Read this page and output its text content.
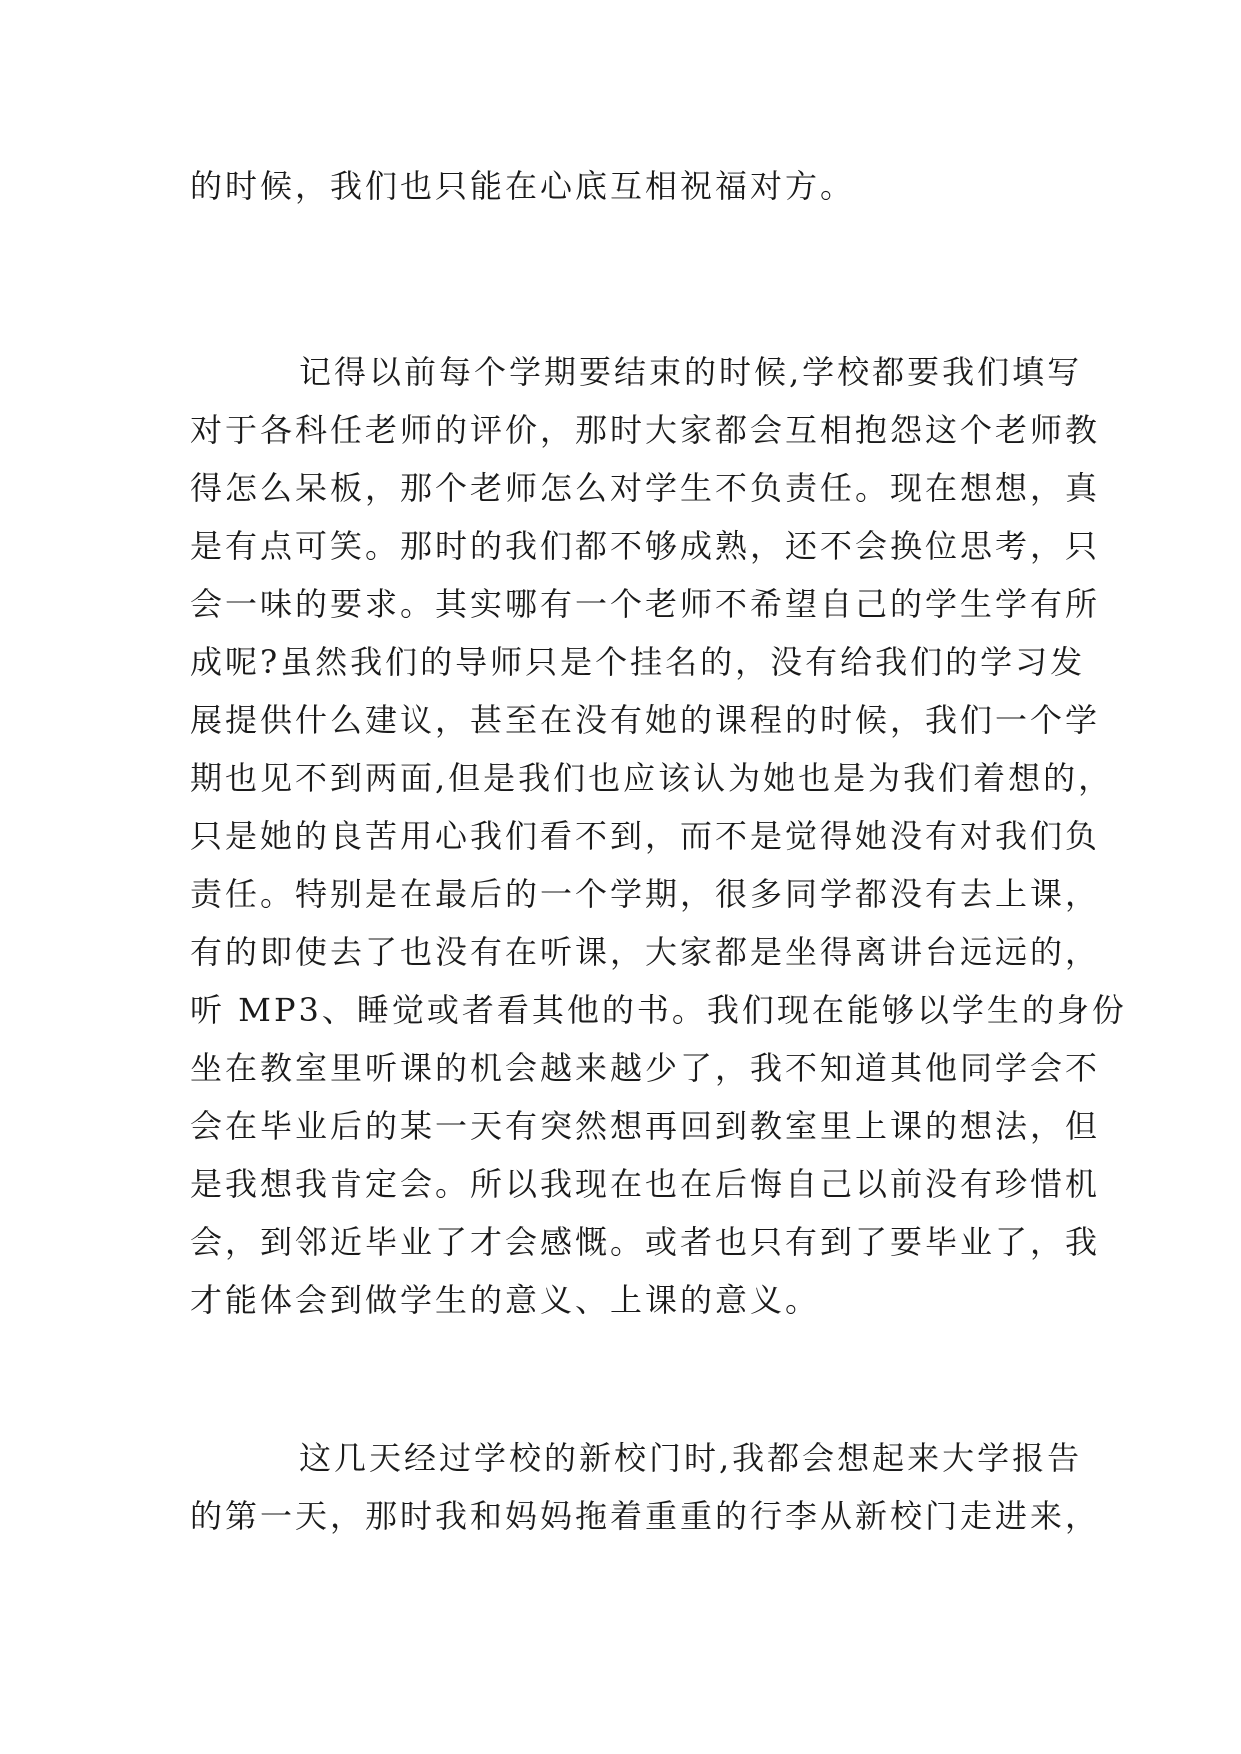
的时候，我们也只能在心底互相祝福对方。
记得以前每个学期要结束的时候,学校都要我们填写
对于各科任老师的评价，那时大家都会互相抱怨这个老师教
得怎么呆板，那个老师怎么对学生不负责任。现在想想，真
是有点可笑。那时的我们都不够成熟，还不会换位思考，只
会一味的要求。其实哪有一个老师不希望自己的学生学有所
成呢?虽然我们的导师只是个挂名的，没有给我们的学习发
展提供什么建议，甚至在没有她的课程的时候，我们一个学
期也见不到两面,但是我们也应该认为她也是为我们着想的，
只是她的良苦用心我们看不到，而不是觉得她没有对我们负
责任。特别是在最后的一个学期，很多同学都没有去上课，
有的即使去了也没有在听课，大家都是坐得离讲台远远的，
听 MP3、睡觉或者看其他的书。我们现在能够以学生的身份
坐在教室里听课的机会越来越少了，我不知道其他同学会不
会在毕业后的某一天有突然想再回到教室里上课的想法，但
是我想我肯定会。所以我现在也在后悔自己以前没有珍惜机
会，到邻近毕业了才会感慨。或者也只有到了要毕业了，我
才能体会到做学生的意义、上课的意义。
这几天经过学校的新校门时,我都会想起来大学报告
的第一天，那时我和妈妈拖着重重的行李从新校门走进来，
